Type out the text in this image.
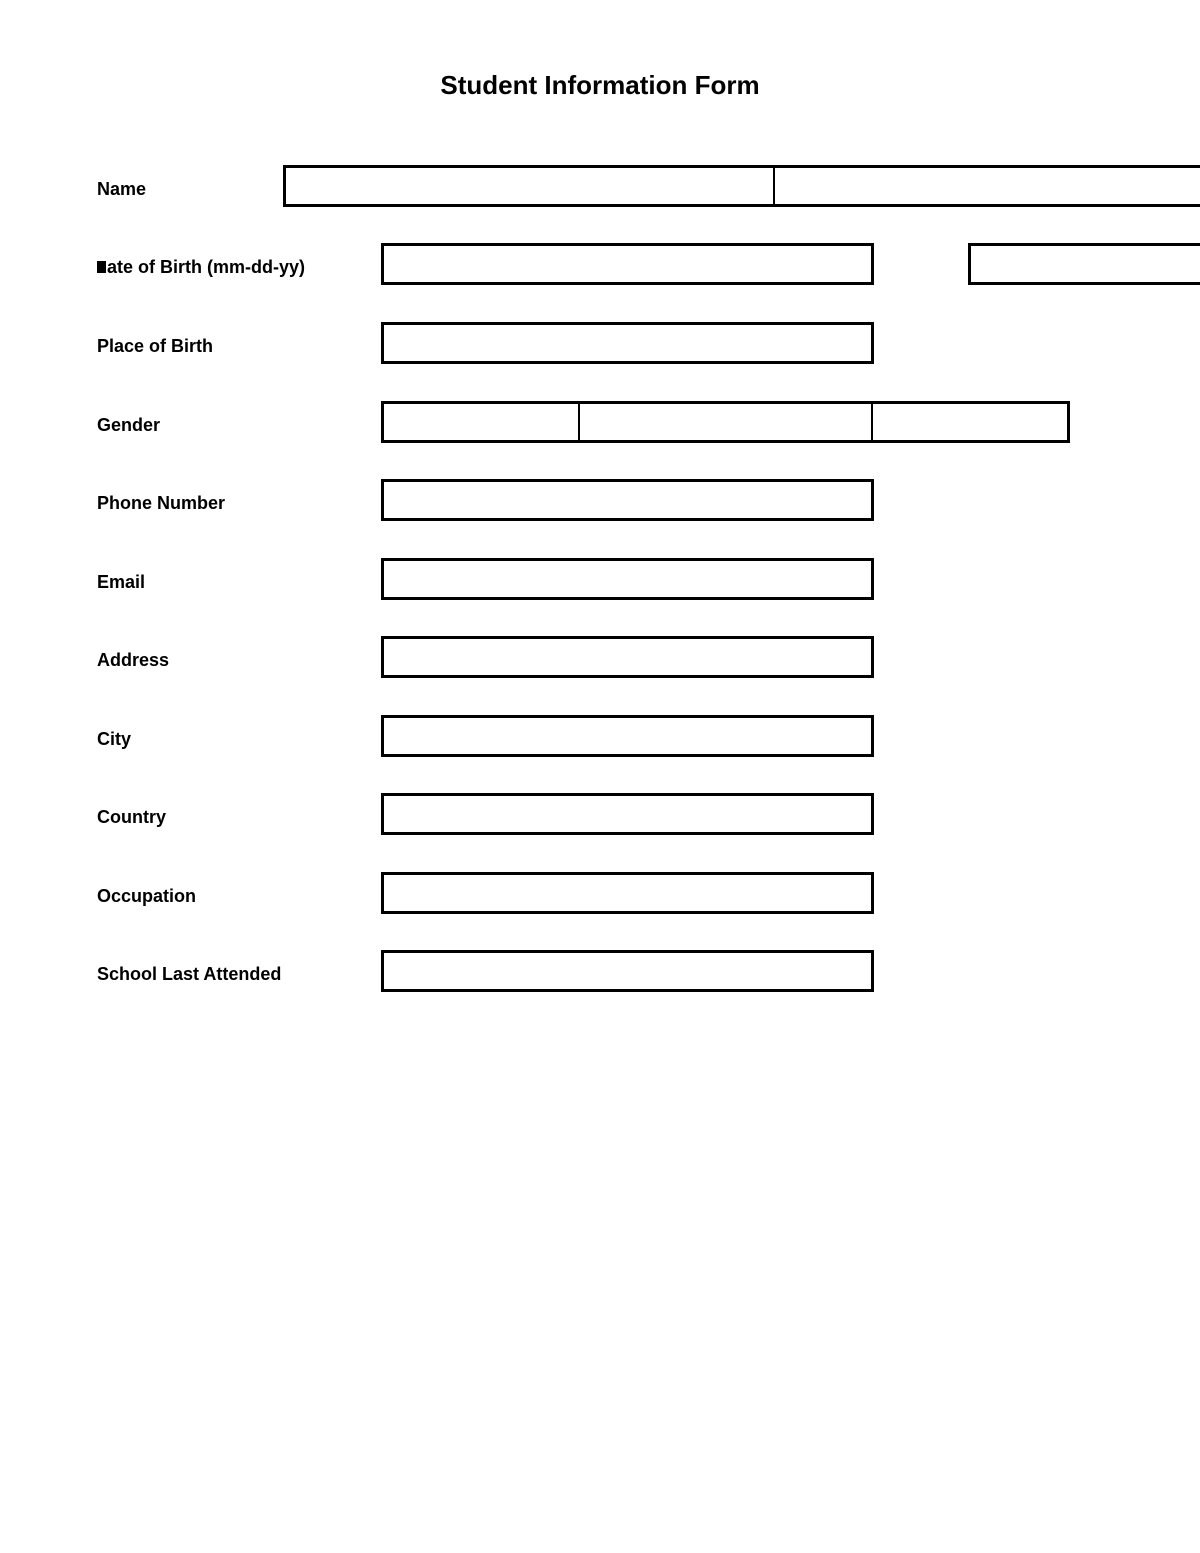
Student Information Form
Name
ate of Birth (mm-dd-yy)
Place of Birth
Gender
Phone Number
Email
Address
City
Country
Occupation
School Last Attended
